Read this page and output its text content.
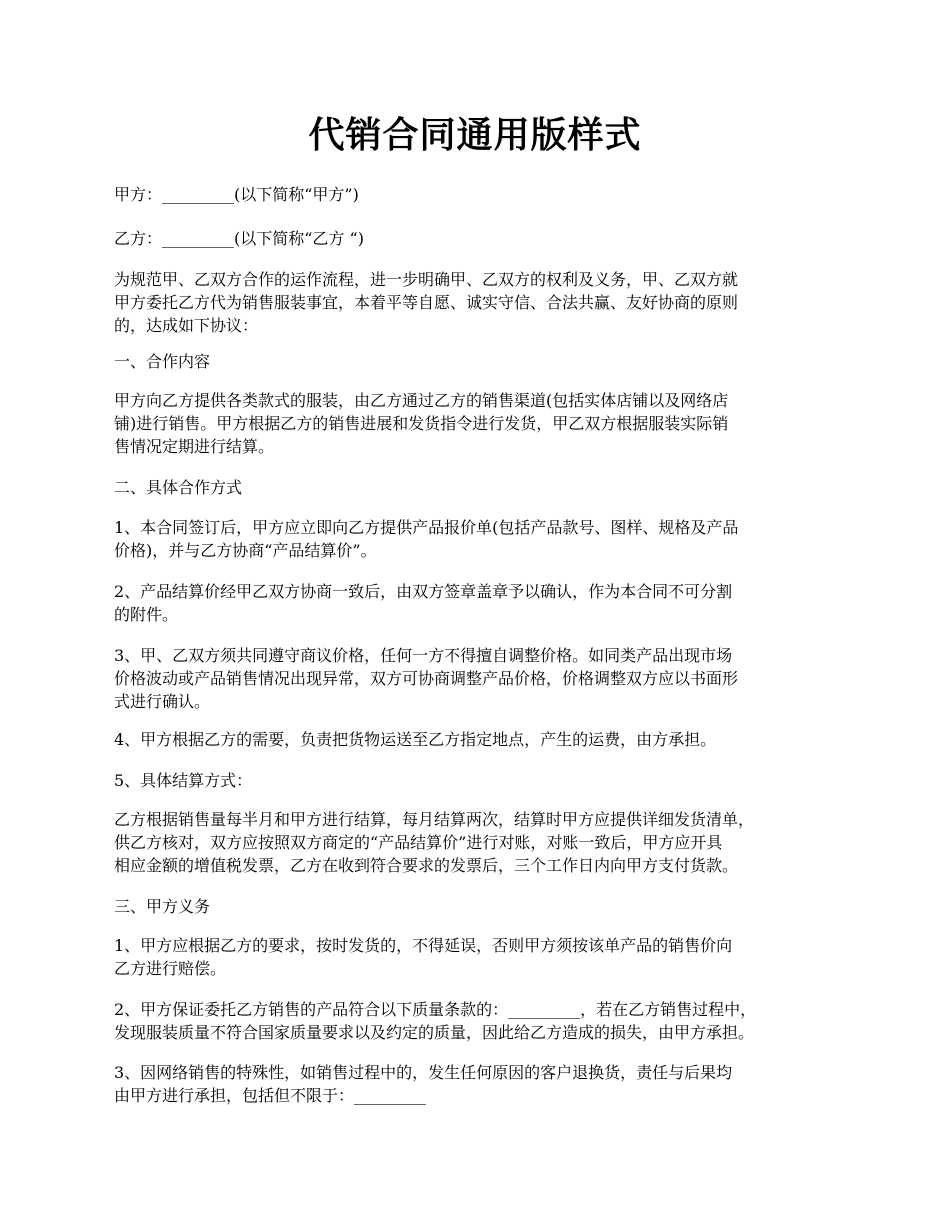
代销合同通用版样式

甲方：_________(以下简称“甲方”)

乙方：_________(以下简称“乙方 “)

为规范甲、乙双方合作的运作流程，进一步明确甲、乙双方的权利及义务，甲、乙双方就
甲方委托乙方代为销售服装事宜，本着平等自愿、诚实守信、合法共赢、友好协商的原则
的，达成如下协议：

一、合作内容

甲方向乙方提供各类款式的服装，由乙方通过乙方的销售渠道(包括实体店铺以及网络店
铺)进行销售。甲方根据乙方的销售进展和发货指令进行发货，甲乙双方根据服装实际销
售情况定期进行结算。

二、具体合作方式

1、本合同签订后，甲方应立即向乙方提供产品报价单(包括产品款号、图样、规格及产品
价格)，并与乙方协商“产品结算价”。

2、产品结算价经甲乙双方协商一致后，由双方签章盖章予以确认，作为本合同不可分割
的附件。

3、甲、乙双方须共同遵守商议价格，任何一方不得擅自调整价格。如同类产品出现市场
价格波动或产品销售情况出现异常，双方可协商调整产品价格，价格调整双方应以书面形
式进行确认。

4、甲方根据乙方的需要，负责把货物运送至乙方指定地点，产生的运费，由方承担。

5、具体结算方式：

乙方根据销售量每半月和甲方进行结算，每月结算两次，结算时甲方应提供详细发货清单，
供乙方核对，双方应按照双方商定的“产品结算价”进行对账，对账一致后，甲方应开具
相应金额的增值税发票，乙方在收到符合要求的发票后，三个工作日内向甲方支付货款。

三、甲方义务

1、甲方应根据乙方的要求，按时发货的，不得延误，否则甲方须按该单产品的销售价向
乙方进行赔偿。

2、甲方保证委托乙方销售的产品符合以下质量条款的：_________，若在乙方销售过程中，
发现服装质量不符合国家质量要求以及约定的质量，因此给乙方造成的损失，由甲方承担。

3、因网络销售的特殊性，如销售过程中的，发生任何原因的客户退换货，责任与后果均
由甲方进行承担，包括但不限于：_________
